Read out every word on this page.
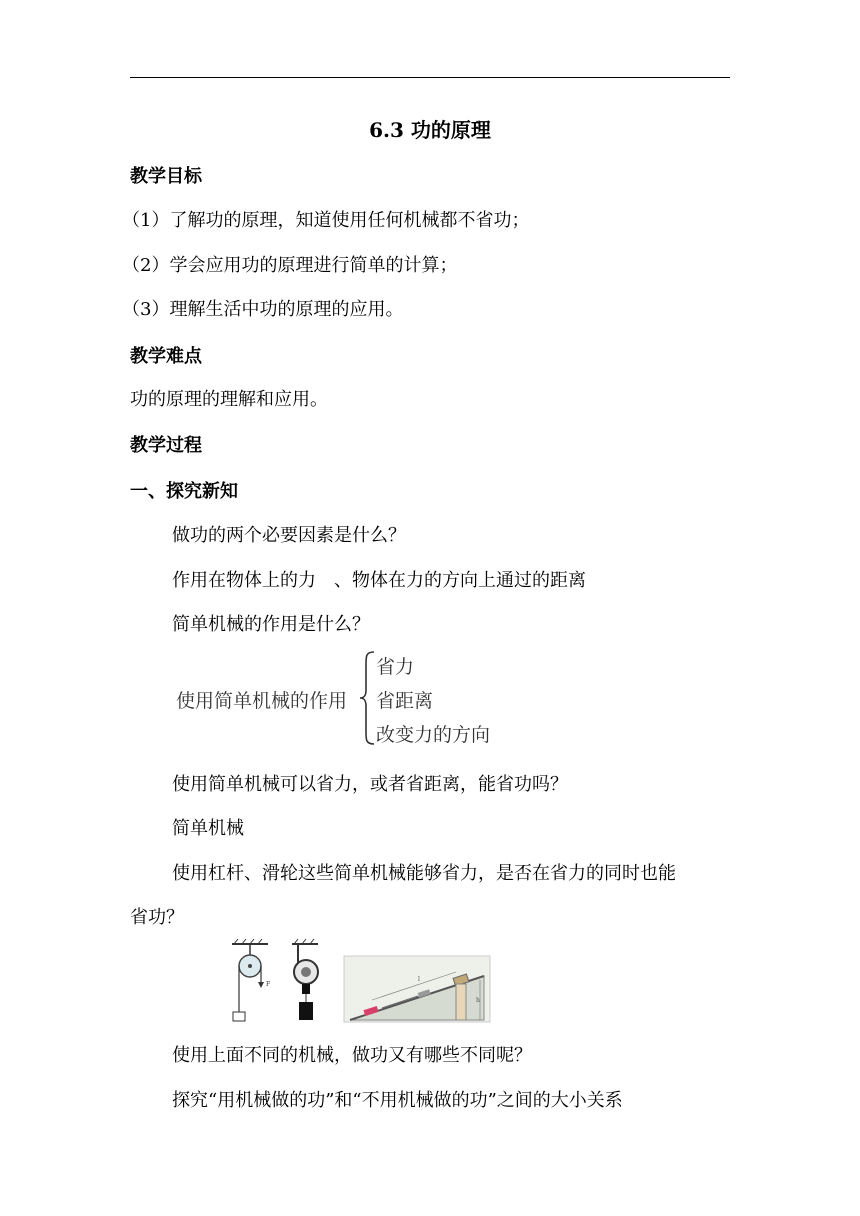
6.3 功的原理
教学目标
（1）了解功的原理，知道使用任何机械都不省功；
（2）学会应用功的原理进行简单的计算；
（3）理解生活中功的原理的应用。
教学难点
功的原理的理解和应用。
教学过程
一、探究新知
做功的两个必要因素是什么？
作用在物体上的力　、物体在力的方向上通过的距离
简单机械的作用是什么？
使用简单机械的作用
省力
省距离
改变力的方向
使用简单机械可以省力，或者省距离，能省功吗？
简单机械
使用杠杆、滑轮这些简单机械能够省力，是否在省力的同时也能
省功？
F
l
h
使用上面不同的机械，做功又有哪些不同呢？
探究“用机械做的功”和“不用机械做的功”之间的大小关系
